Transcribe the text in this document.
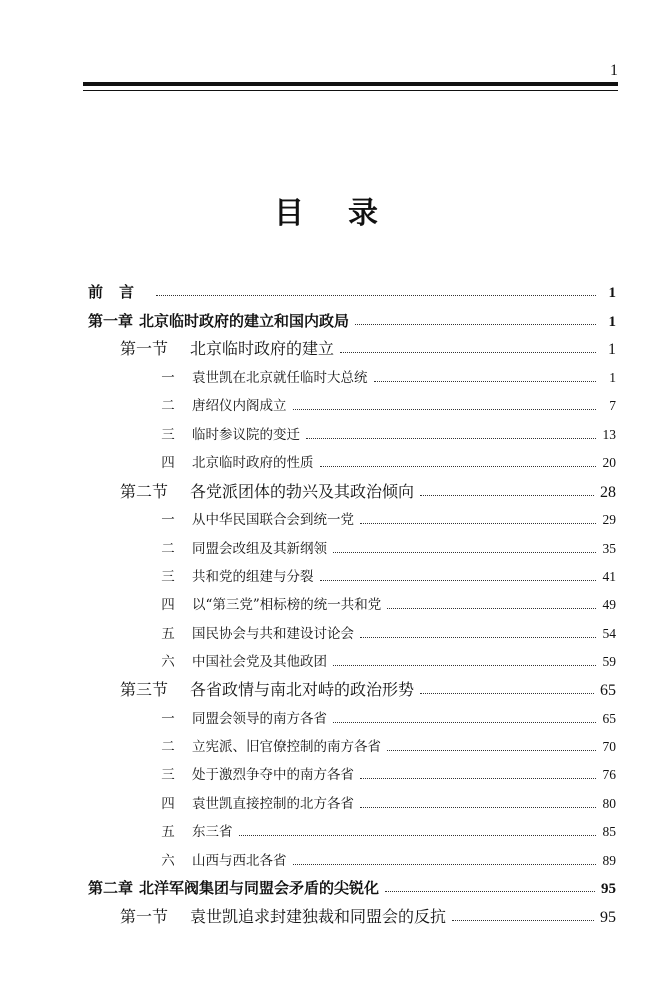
1
目录
前言	1
第一章 北京临时政府的建立和国内政局	1
第一节 北京临时政府的建立	1
一 袁世凯在北京就任临时大总统	1
二 唐绍仪内阁成立	7
三 临时参议院的变迁	13
四 北京临时政府的性质	20
第二节 各党派团体的勃兴及其政治倾向	28
一 从中华民国联合会到统一党	29
二 同盟会改组及其新纲领	35
三 共和党的组建与分裂	41
四 以“第三党”相标榜的统一共和党	49
五 国民协会与共和建设讨论会	54
六 中国社会党及其他政团	59
第三节 各省政情与南北对峙的政治形势	65
一 同盟会领导的南方各省	65
二 立宪派、旧官僚控制的南方各省	70
三 处于激烈争夺中的南方各省	76
四 袁世凯直接控制的北方各省	80
五 东三省	85
六 山西与西北各省	89
第二章 北洋军阀集团与同盟会矛盾的尖锐化	95
第一节 袁世凯追求封建独裁和同盟会的反抗	95
